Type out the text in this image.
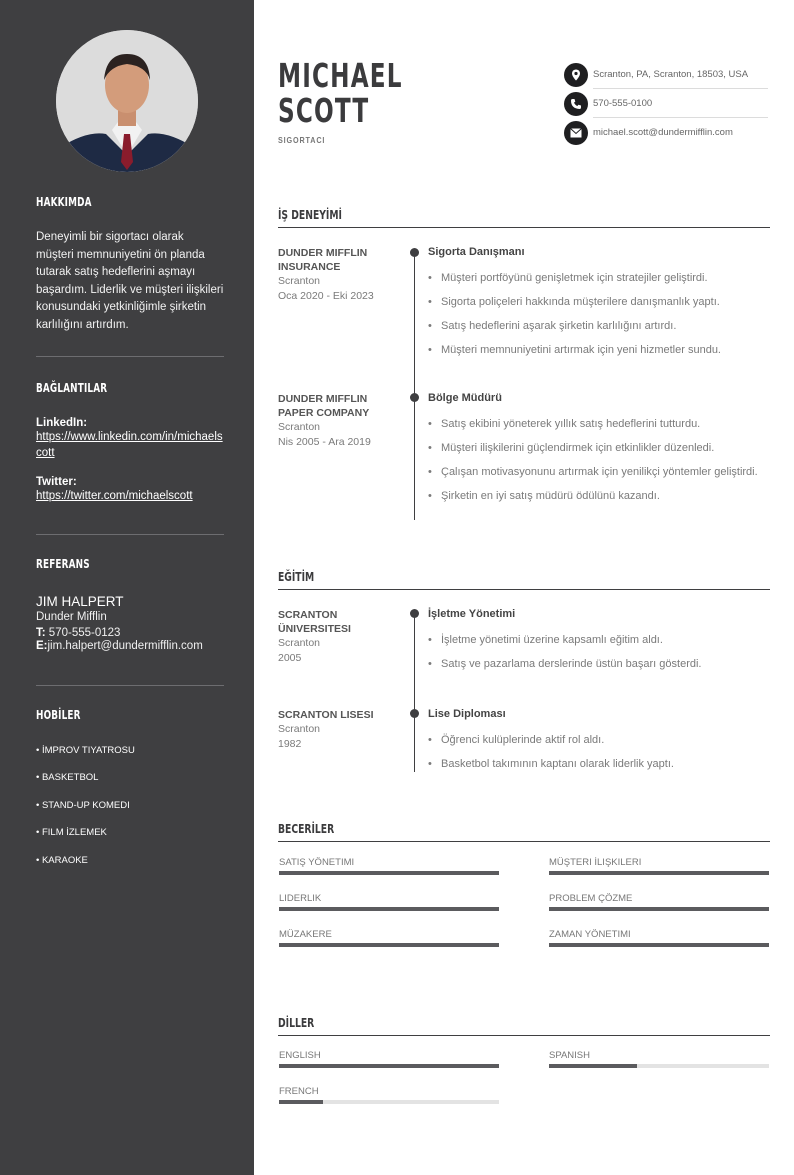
HAKKIMDA
Deneyimli bir sigortacı olarak müşteri memnuniyetini ön planda tutarak satış hedeflerini aşmayı başardım. Liderlik ve müşteri ilişkileri konusundaki yetkinliğimle şirketin karlılığını artırdım.
BAĞLANTILAR
LinkedIn:
https://www.linkedin.com/in/michaelscott
Twitter:
https://twitter.com/michaelscott
REFERANS
JIM HALPERT
Dunder Mifflin
T: 570-555-0123
E:jim.halpert@dundermifflin.com
HOBİLER
• İMPROV TIYATROSU
• BASKETBOL
• STAND-UP KOMEDI
• FILM İZLEMEK
• KARAOKE
MICHAEL
SCOTT
SIGORTACI
Scranton, PA, Scranton, 18503, USA
570-555-0100
michael.scott@dundermifflin.com
İŞ DENEYİMİ
DUNDER MIFFLIN INSURANCE
Scranton
Oca 2020 - Eki 2023
Sigorta Danışmanı
• Müşteri portföyünü genişletmek için stratejiler geliştirdi.
• Sigorta poliçeleri hakkında müşterilere danışmanlık yaptı.
• Satış hedeflerini aşarak şirketin karlılığını artırdı.
• Müşteri memnuniyetini artırmak için yeni hizmetler sundu.
DUNDER MIFFLIN PAPER COMPANY
Scranton
Nis 2005 - Ara 2019
Bölge Müdürü
• Satış ekibini yöneterek yıllık satış hedeflerini tutturdu.
• Müşteri ilişkilerini güçlendirmek için etkinlikler düzenledi.
• Çalışan motivasyonunu artırmak için yenilikçi yöntemler geliştirdi.
• Şirketin en iyi satış müdürü ödülünü kazandı.
EĞİTİM
SCRANTON ÜNIVERSITESI
Scranton
2005
İşletme Yönetimi
• İşletme yönetimi üzerine kapsamlı eğitim aldı.
• Satış ve pazarlama derslerinde üstün başarı gösterdi.
SCRANTON LISESI
Scranton
1982
Lise Diploması
• Öğrenci kulüplerinde aktif rol aldı.
• Basketbol takımının kaptanı olarak liderlik yaptı.
BECERİLER
SATIŞ YÖNETIMI	MÜŞTERI İLIŞKILERI
LIDERLIK	PROBLEM ÇÖZME
MÜZAKERE	ZAMAN YÖNETIMI
DİLLER
ENGLISH	SPANISH
FRENCH
